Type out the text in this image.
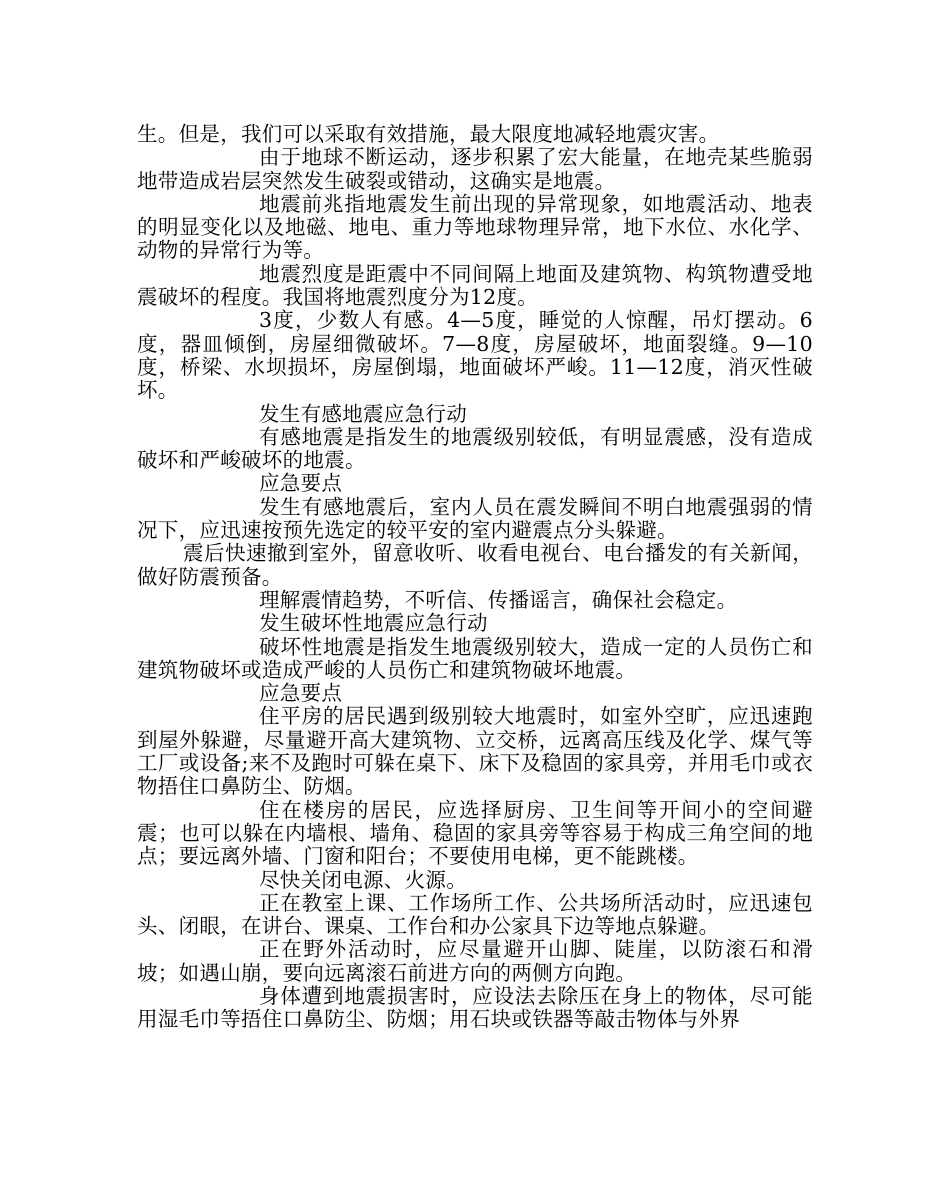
生。但是，我们可以采取有效措施，最大限度地减轻地震灾害。

由于地球不断运动，逐步积累了宏大能量，在地壳某些脆弱地带造成岩层突然发生破裂或错动，这确实是地震。

地震前兆指地震发生前出现的异常现象，如地震活动、地表的明显变化以及地磁、地电、重力等地球物理异常，地下水位、水化学、动物的异常行为等。

地震烈度是距震中不同间隔上地面及建筑物、构筑物遭受地震破坏的程度。我国将地震烈度分为12度。

3度，少数人有感。4—5度，睡觉的人惊醒，吊灯摆动。6度，器皿倾倒，房屋细微破坏。7—8度，房屋破坏，地面裂缝。9—10度，桥梁、水坝损坏，房屋倒塌，地面破坏严峻。11—12度，消灭性破坏。

发生有感地震应急行动

有感地震是指发生的地震级别较低，有明显震感，没有造成破坏和严峻破坏的地震。

应急要点

发生有感地震后，室内人员在震发瞬间不明白地震强弱的情况下，应迅速按预先选定的较平安的室内避震点分头躲避。

震后快速撤到室外，留意收听、收看电视台、电台播发的有关新闻，做好防震预备。

理解震情趋势，不听信、传播谣言，确保社会稳定。

发生破坏性地震应急行动

破坏性地震是指发生地震级别较大，造成一定的人员伤亡和建筑物破坏或造成严峻的人员伤亡和建筑物破坏地震。

应急要点

住平房的居民遇到级别较大地震时，如室外空旷，应迅速跑到屋外躲避，尽量避开高大建筑物、立交桥，远离高压线及化学、煤气等工厂或设备;来不及跑时可躲在桌下、床下及稳固的家具旁，并用毛巾或衣物捂住口鼻防尘、防烟。

住在楼房的居民，应选择厨房、卫生间等开间小的空间避震；也可以躲在内墙根、墙角、稳固的家具旁等容易于构成三角空间的地点；要远离外墙、门窗和阳台；不要使用电梯，更不能跳楼。

尽快关闭电源、火源。

正在教室上课、工作场所工作、公共场所活动时，应迅速包头、闭眼，在讲台、课桌、工作台和办公家具下边等地点躲避。

正在野外活动时，应尽量避开山脚、陡崖，以防滚石和滑坡；如遇山崩，要向远离滚石前进方向的两侧方向跑。

身体遭到地震损害时，应设法去除压在身上的物体，尽可能用湿毛巾等捂住口鼻防尘、防烟；用石块或铁器等敲击物体与外界
